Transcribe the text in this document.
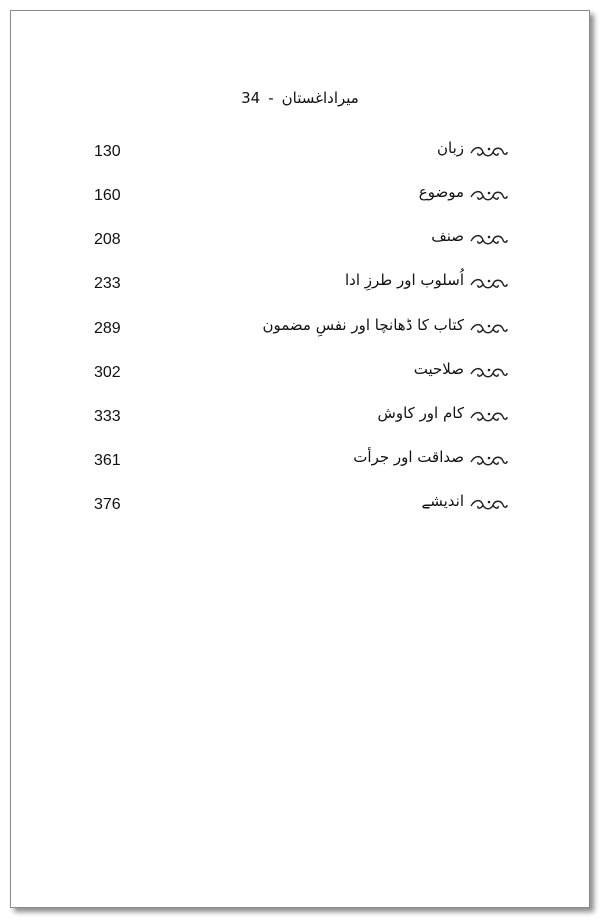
میراداغستان-34
130	زبان
160	موضوع
208	صنف
233	اُسلوب اور طرزِ ادا
289	کتاب کا ڈھانچا اور نفسِ مضمون
302	صلاحیت
333	کام اور کاوش
361	صداقت اور جرأت
376	اندیشے
